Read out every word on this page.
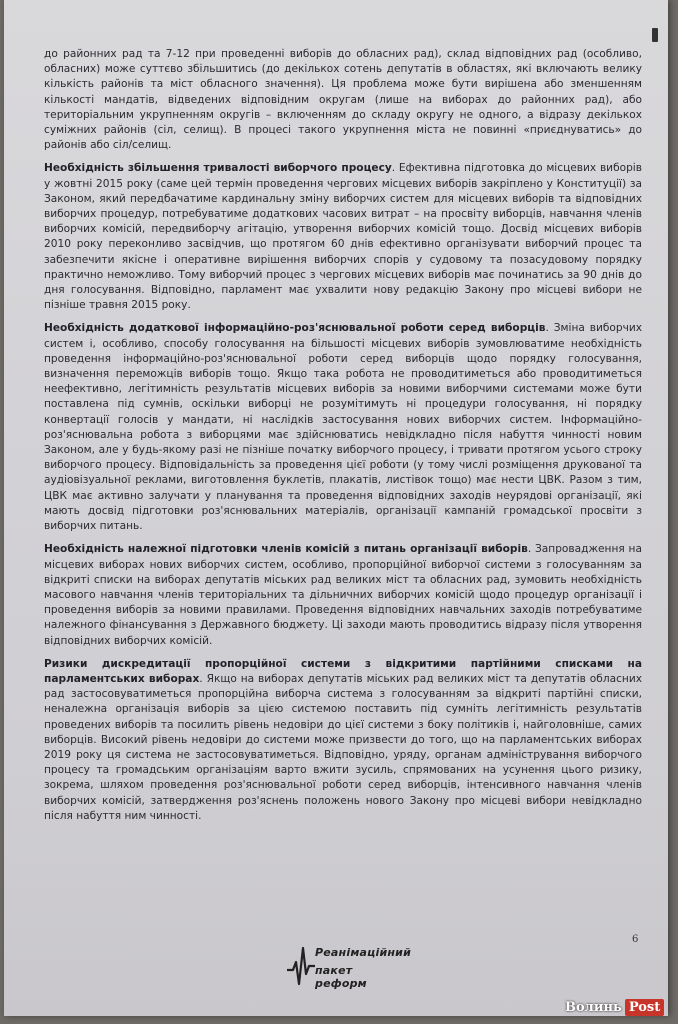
до районних рад та 7-12 при проведенні виборів до обласних рад), склад відповідних рад (особливо, обласних) може суттєво збільшитись (до декількох сотень депутатів в областях, які включають велику кількість районів та міст обласного значення). Ця проблема може бути вирішена або зменшенням кількості мандатів, відведених відповідним округам (лише на виборах до районних рад), або територіальним укрупненням округів – включенням до складу округу не одного, а відразу декількох суміжних районів (сіл, селищ). В процесі такого укрупнення міста не повинні «приєднуватись» до районів або сіл/селищ.

Необхідність збільшення тривалості виборчого процесу. Ефективна підготовка до місцевих виборів у жовтні 2015 року (саме цей термін проведення чергових місцевих виборів закріплено у Конституції) за Законом, який передбачатиме кардинальну зміну виборчих систем для місцевих виборів та відповідних виборчих процедур, потребуватиме додаткових часових витрат – на просвіту виборців, навчання членів виборчих комісій, передвиборчу агітацію, утворення виборчих комісій тощо. Досвід місцевих виборів 2010 року переконливо засвідчив, що протягом 60 днів ефективно організувати виборчий процес та забезпечити якісне і оперативне вирішення виборчих спорів у судовому та позасудовому порядку практично неможливо. Тому виборчий процес з чергових місцевих виборів має починатись за 90 днів до дня голосування. Відповідно, парламент має ухвалити нову редакцію Закону про місцеві вибори не пізніше травня 2015 року.

Необхідність додаткової інформаційно-роз'яснювальної роботи серед виборців. Зміна виборчих систем і, особливо, способу голосування на більшості місцевих виборів зумовлюватиме необхідність проведення інформаційно-роз'яснювальної роботи серед виборців щодо порядку голосування, визначення переможців виборів тощо. Якщо така робота не проводитиметься або проводитиметься неефективно, легітимність результатів місцевих виборів за новими виборчими системами може бути поставлена під сумнів, оскільки виборці не розумітимуть ні процедури голосування, ні порядку конвертації голосів у мандати, ні наслідків застосування нових виборчих систем. Інформаційно-роз'яснювальна робота з виборцями має здійснюватись невідкладно після набуття чинності новим Законом, але у будь-якому разі не пізніше початку виборчого процесу, і тривати протягом усього строку виборчого процесу. Відповідальність за проведення цієї роботи (у тому числі розміщення друкованої та аудіовізуальної реклами, виготовлення буклетів, плакатів, листівок тощо) має нести ЦВК. Разом з тим, ЦВК має активно залучати у планування та проведення відповідних заходів неурядові організації, які мають досвід підготовки роз'яснювальних матеріалів, організації кампаній громадської просвіти з виборчих питань.

Необхідність належної підготовки членів комісій з питань організації виборів. Запровадження на місцевих виборах нових виборчих систем, особливо, пропорційної виборчої системи з голосуванням за відкриті списки на виборах депутатів міських рад великих міст та обласних рад, зумовить необхідність масового навчання членів територіальних та дільничних виборчих комісій щодо процедур організації і проведення виборів за новими правилами. Проведення відповідних навчальних заходів потребуватиме належного фінансування з Державного бюджету. Ці заходи мають проводитись відразу після утворення відповідних виборчих комісій.

Ризики дискредитації пропорційної системи з відкритими партійними списками на парламентських виборах. Якщо на виборах депутатів міських рад великих міст та депутатів обласних рад застосовуватиметься пропорційна виборча система з голосуванням за відкриті партійні списки, неналежна організація виборів за цією системою поставить під сумніть легітимність результатів проведених виборів та посилить рівень недовіри до цієї системи з боку політиків і, найголовніше, самих виборців. Високий рівень недовіри до системи може призвести до того, що на парламентських виборах 2019 року ця система не застосовуватиметься. Відповідно, уряду, органам адміністрування виборчого процесу та громадським організаціям варто вжити зусиль, спрямованих на усунення цього ризику, зокрема, шляхом проведення роз'яснювальної роботи серед виборців, інтенсивного навчання членів виборчих комісій, затвердження роз'яснень положень нового Закону про місцеві вибори невідкладно після набуття ним чинності.

6
Реанімаційний
пакет реформ
Волинь Post
